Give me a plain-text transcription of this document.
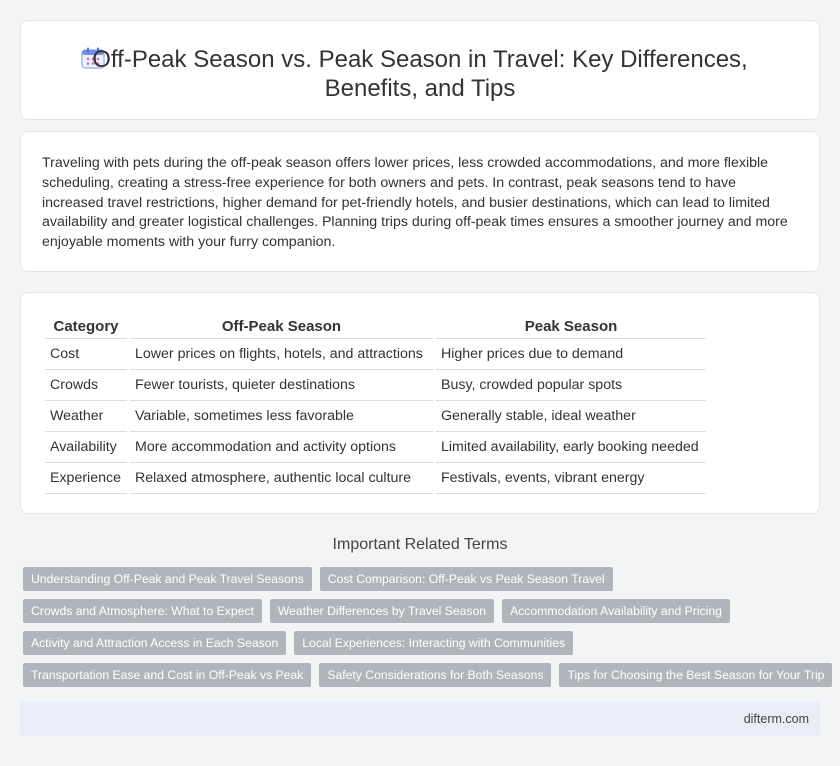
Off-Peak Season vs. Peak Season in Travel: Key Differences,
Benefits, and Tips

Traveling with pets during the off-peak season offers lower prices, less crowded accommodations, and more flexible scheduling, creating a stress-free experience for both owners and pets. In contrast, peak seasons tend to have increased travel restrictions, higher demand for pet-friendly hotels, and busier destinations, which can lead to limited availability and greater logistical challenges. Planning trips during off-peak times ensures a smoother journey and more enjoyable moments with your furry companion.

Category	Off-Peak Season	Peak Season
Cost	Lower prices on flights, hotels, and attractions	Higher prices due to demand
Crowds	Fewer tourists, quieter destinations	Busy, crowded popular spots
Weather	Variable, sometimes less favorable	Generally stable, ideal weather
Availability	More accommodation and activity options	Limited availability, early booking needed
Experience	Relaxed atmosphere, authentic local culture	Festivals, events, vibrant energy
Important Related Terms
Understanding Off-Peak and Peak Travel Seasons	Cost Comparison: Off-Peak vs Peak Season Travel
Crowds and Atmosphere: What to Expect	Weather Differences by Travel Season	Accommodation Availability and Pricing
Activity and Attraction Access in Each Season	Local Experiences: Interacting with Communities
Transportation Ease and Cost in Off-Peak vs Peak	Safety Considerations for Both Seasons	Tips for Choosing the Best Season for Your Trip
difterm.com
